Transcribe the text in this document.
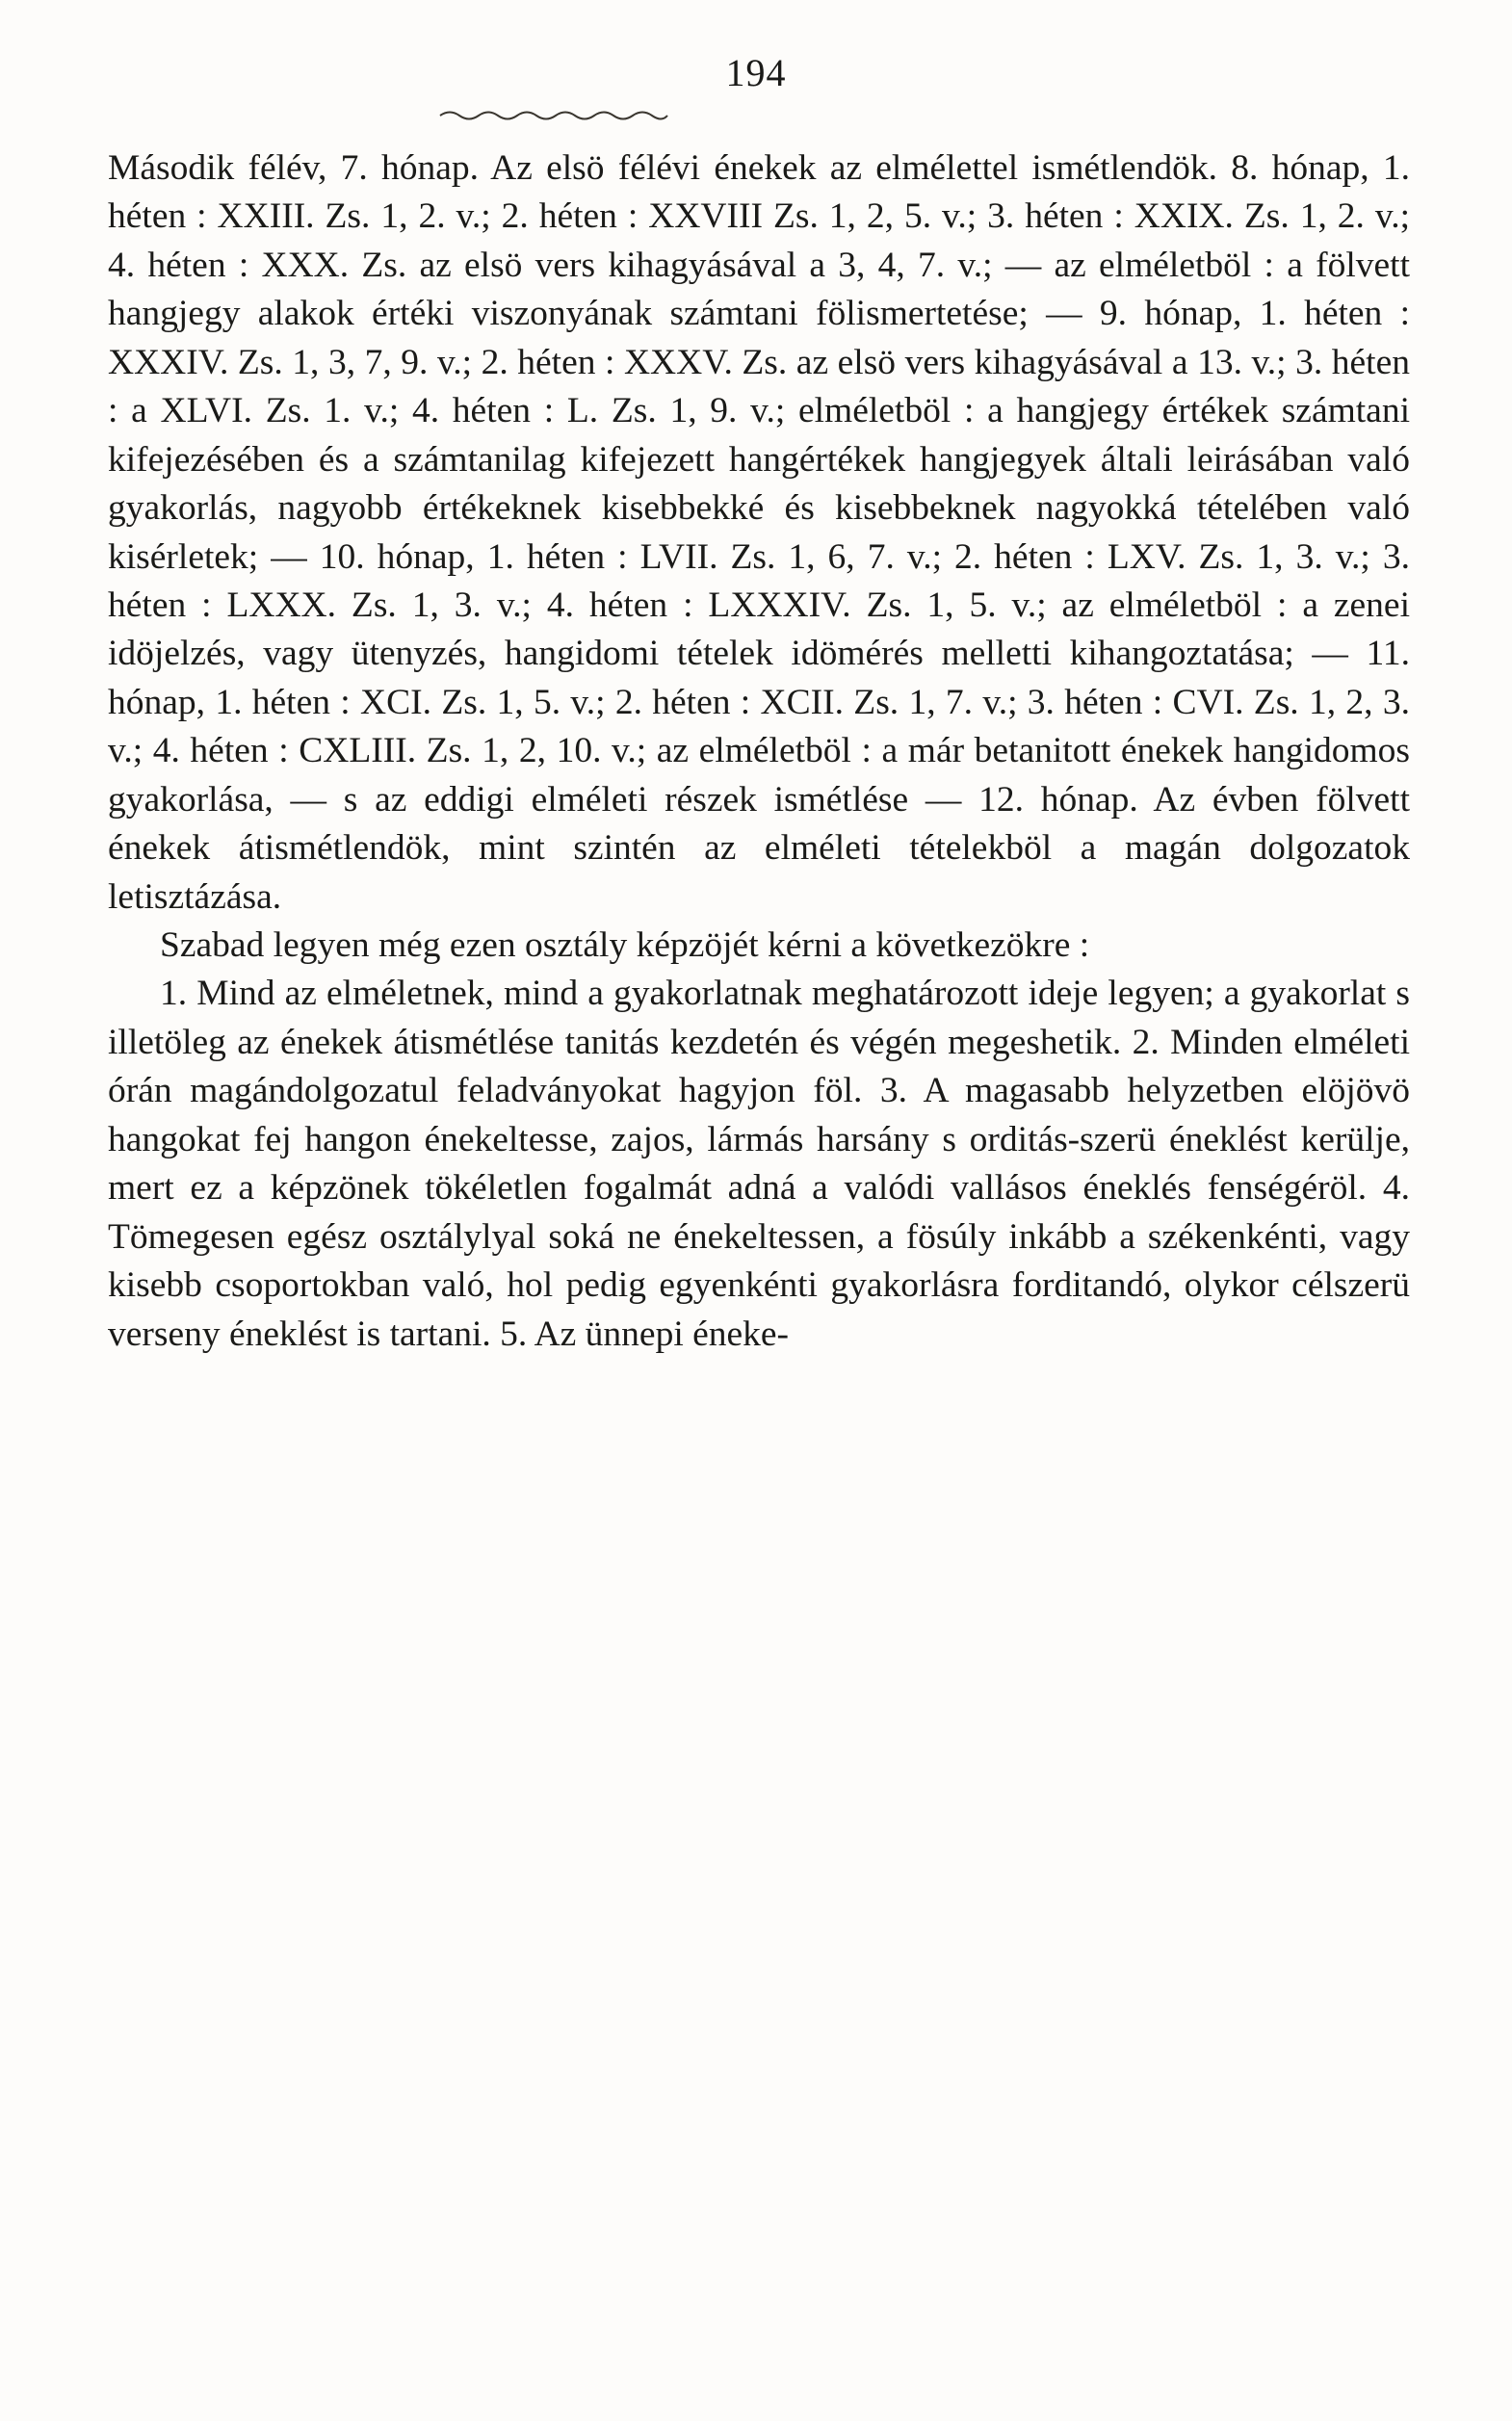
194

Második félév, 7. hónap. Az elsö félévi énekek az elmélettel ismétlendök. 8. hónap, 1. héten : XXIII. Zs. 1, 2. v.; 2. héten : XXVIII Zs. 1, 2, 5. v.; 3. héten : XXIX. Zs. 1, 2. v.; 4. héten : XXX. Zs. az elsö vers kihagyásával a 3, 4, 7. v.; — az elméletböl : a fölvett hangjegy alakok értéki viszonyának számtani fölismertetése; — 9. hónap, 1. héten : XXXIV. Zs. 1, 3, 7, 9. v.; 2. héten : XXXV. Zs. az elsö vers kihagyásával a 13. v.; 3. héten : a XLVI. Zs. 1. v.; 4. héten : L. Zs. 1, 9. v.; elméletböl : a hangjegy értékek számtani kifejezésében és a számtanilag kifejezett hangértékek hangjegyek általi leirásában való gyakorlás, nagyobb értékeknek kisebbekké és kisebbeknek nagyokká tételében való kisérletek; — 10. hónap, 1. héten : LVII. Zs. 1, 6, 7. v.; 2. héten : LXV. Zs. 1, 3. v.; 3. héten : LXXX. Zs. 1, 3. v.; 4. héten : LXXXIV. Zs. 1, 5. v.; az elméletböl : a zenei idöjelzés, vagy ütenyzés, hangidomi tételek idömérés melletti kihangoztatása; — 11. hónap, 1. héten : XCI. Zs. 1, 5. v.; 2. héten : XCII. Zs. 1, 7. v.; 3. héten : CVI. Zs. 1, 2, 3. v.; 4. héten : CXLIII. Zs. 1, 2, 10. v.; az elméletböl : a már betanitott énekek hangidomos gyakorlása, — s az eddigi elméleti részek ismétlése — 12. hónap. Az évben fölvett énekek átismétlendök, mint szintén az elméleti tételekböl a magán dolgozatok letisztázása.

Szabad legyen még ezen osztály képzöjét kérni a következökre :

1. Mind az elméletnek, mind a gyakorlatnak meghatározott ideje legyen; a gyakorlat s illetöleg az énekek átismétlése tanitás kezdetén és végén megeshetik. 2. Minden elméleti órán magándolgozatul feladványokat hagyjon föl. 3. A magasabb helyzetben elöjövö hangokat fej hangon énekeltesse, zajos, lármás harsány s orditás-szerü éneklést kerülje, mert ez a képzönek tökéletlen fogalmát adná a valódi vallásos éneklés fenségéröl. 4. Tömegesen egész osztálylyal soká ne énekeltessen, a fösúly inkább a székenkénti, vagy kisebb csoportokban való, hol pedig egyenkénti gyakorlásra forditandó, olykor célszerü verseny éneklést is tartani. 5. Az ünnepi éneke-
